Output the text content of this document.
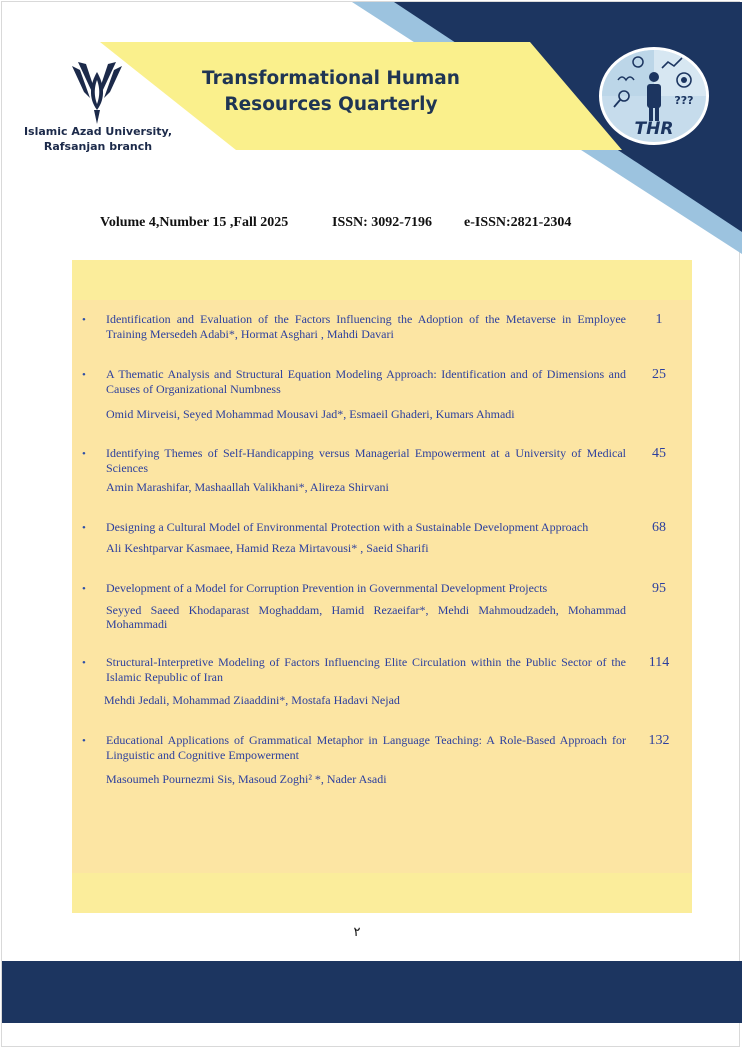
Islamic Azad University,
Rafsanjan branch
Transformational Human
Resources Quarterly	???
THR
Volume 4,Number 15 ,Fall 2025	ISSN: 3092-7196 e-ISSN:2821-2304
• Identification and Evaluation of the Factors Influencing the Adoption of the Metaverse in Employee Training Mersedeh Adabi*, Hormat Asghari , Mahdi Davari
1
• A Thematic Analysis and Structural Equation Modeling Approach: Identification and of Dimensions and Causes of Organizational Numbness
Omid Mirveisi, Seyed Mohammad Mousavi Jad*, Esmaeil Ghaderi, Kumars Ahmadi
25
• Identifying Themes of Self-Handicapping versus Managerial Empowerment at a University of Medical Sciences
Amin Marashifar, Mashaallah Valikhani*, Alireza Shirvani
45
• Designing a Cultural Model of Environmental Protection with a Sustainable Development Approach
Ali Keshtparvar Kasmaee, Hamid Reza Mirtavousi* , Saeid Sharifi
68
• Development of a Model for Corruption Prevention in Governmental Development Projects
Seyyed Saeed Khodaparast Moghaddam, Hamid Rezaeifar*, Mehdi Mahmoudzadeh, Mohammad Mohammadi
95
• Structural-Interpretive Modeling of Factors Influencing Elite Circulation within the Public Sector of the Islamic Republic of Iran
Mehdi Jedali, Mohammad Ziaaddini*, Mostafa Hadavi Nejad
114
• Educational Applications of Grammatical Metaphor in Language Teaching: A Role-Based Approach for Linguistic and Cognitive Empowerment
Masoumeh Pournezmi Sis, Masoud Zoghi² *, Nader Asadi
132
٢
